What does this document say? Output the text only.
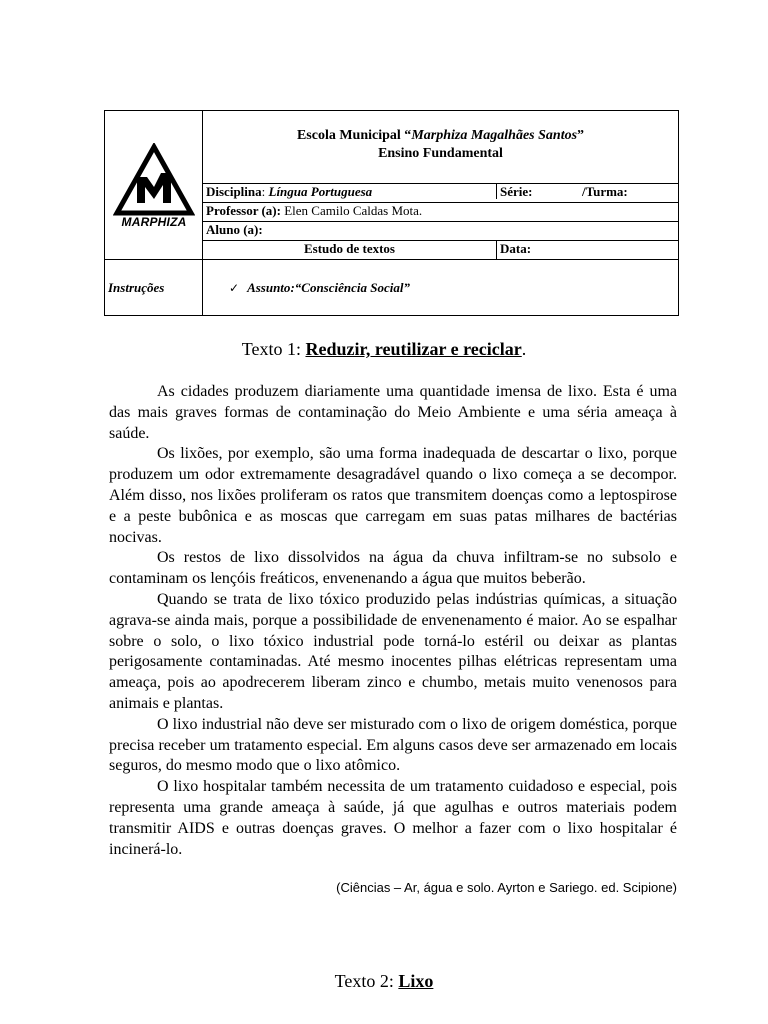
MARPHIZA
Escola Municipal “Marphiza Magalhães Santos”
Ensino Fundamental
Disciplina: Língua Portuguesa	Série:	/Turma:
Professor (a): Elen Camilo Caldas Mota.
Aluno (a):
Estudo de textos	Data:
Instruções	✓ Assunto : “Consciência Social”
Texto 1: Reduzir, reutilizar e reciclar.

As cidades produzem diariamente uma quantidade imensa de lixo. Esta é uma das mais graves formas de contaminação do Meio Ambiente e uma séria ameaça à saúde.

Os lixões, por exemplo, são uma forma inadequada de descartar o lixo, porque produzem um odor extremamente desagradável quando o lixo começa a se decompor. Além disso, nos lixões proliferam os ratos que transmitem doenças como a leptospirose e a peste bubônica e as moscas que carregam em suas patas milhares de bactérias nocivas.

Os restos de lixo dissolvidos na água da chuva infiltram-se no subsolo e contaminam os lençóis freáticos, envenenando a água que muitos beberão.

Quando se trata de lixo tóxico produzido pelas indústrias químicas, a situação agrava-se ainda mais, porque a possibilidade de envenenamento é maior. Ao se espalhar sobre o solo, o lixo tóxico industrial pode torná-lo estéril ou deixar as plantas perigosamente contaminadas. Até mesmo inocentes pilhas elétricas representam uma ameaça, pois ao apodrecerem liberam zinco e chumbo, metais muito venenosos para animais e plantas.

O lixo industrial não deve ser misturado com o lixo de origem doméstica, porque precisa receber um tratamento especial. Em alguns casos deve ser armazenado em locais seguros, do mesmo modo que o lixo atômico.

O lixo hospitalar também necessita de um tratamento cuidadoso e especial, pois representa uma grande ameaça à saúde, já que agulhas e outros materiais podem transmitir AIDS e outras doenças graves. O melhor a fazer com o lixo hospitalar é incinerá-lo.

(Ciências – Ar, água e solo. Ayrton e Sariego. ed. Scipione)
Texto 2: Lixo
